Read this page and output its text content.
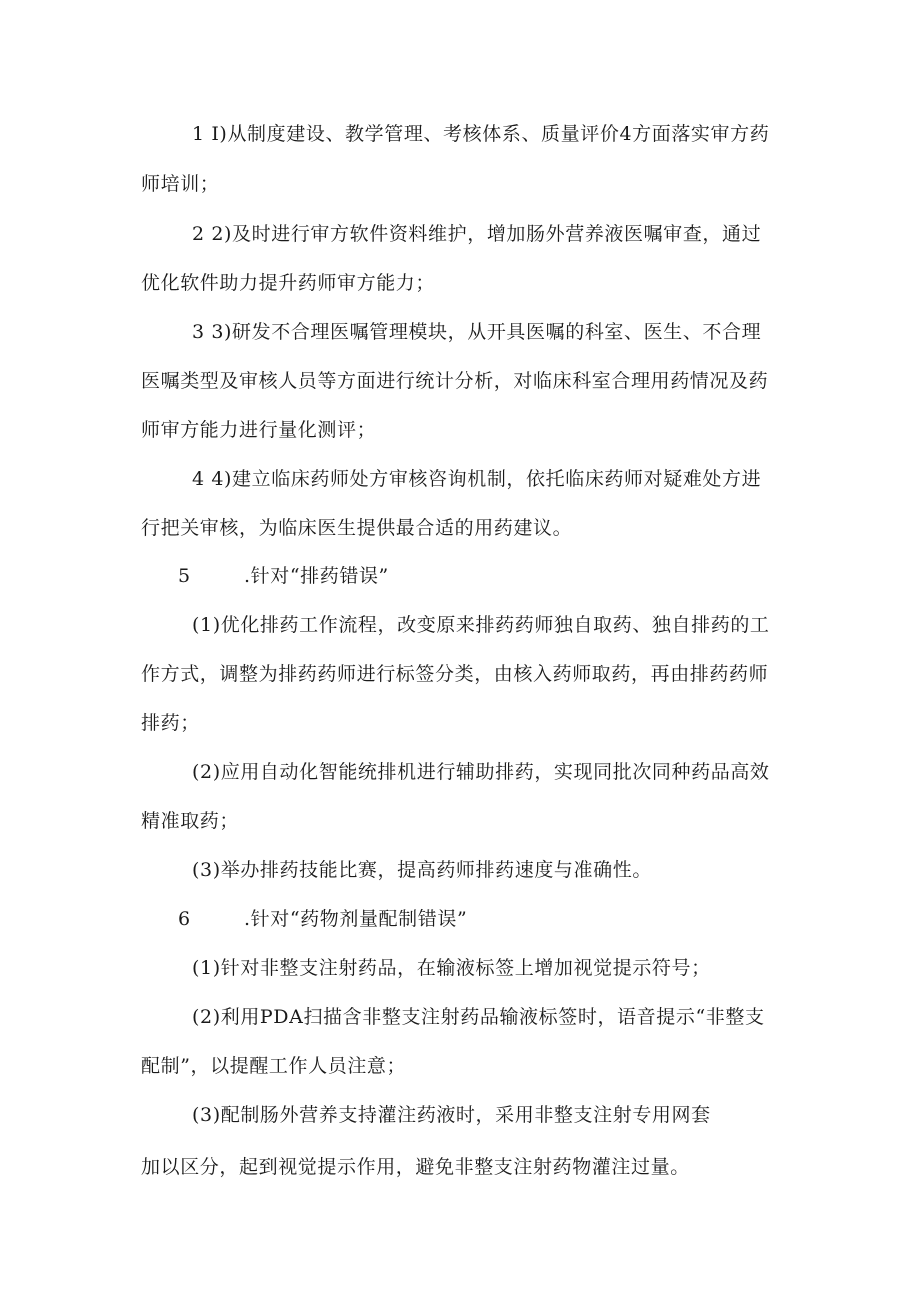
1 I)从制度建设、教学管理、考核体系、质量评价4方面落实审方药
师培训；
2 2)及时进行审方软件资料维护，增加肠外营养液医嘱审查，通过
优化软件助力提升药师审方能力；
3 3)研发不合理医嘱管理模块，从开具医嘱的科室、医生、不合理
医嘱类型及审核人员等方面进行统计分析，对临床科室合理用药情况及药
师审方能力进行量化测评；
4 4)建立临床药师处方审核咨询机制，依托临床药师对疑难处方进
行把关审核，为临床医生提供最合适的用药建议。
5	.针对“排药错误”
(1)优化排药工作流程，改变原来排药药师独自取药、独自排药的工
作方式，调整为排药药师进行标签分类，由核入药师取药，再由排药药师
排药；
(2)应用自动化智能统排机进行辅助排药，实现同批次同种药品高效
精准取药；
(3)举办排药技能比赛，提高药师排药速度与准确性。
6	.针对“药物剂量配制错误”
(1)针对非整支注射药品，在输液标签上增加视觉提示符号；
(2)利用PDA扫描含非整支注射药品输液标签时，语音提示“非整支
配制”，以提醒工作人员注意；
(3)配制肠外营养支持灌注药液时，采用非整支注射专用网套
加以区分，起到视觉提示作用，避免非整支注射药物灌注过量。
